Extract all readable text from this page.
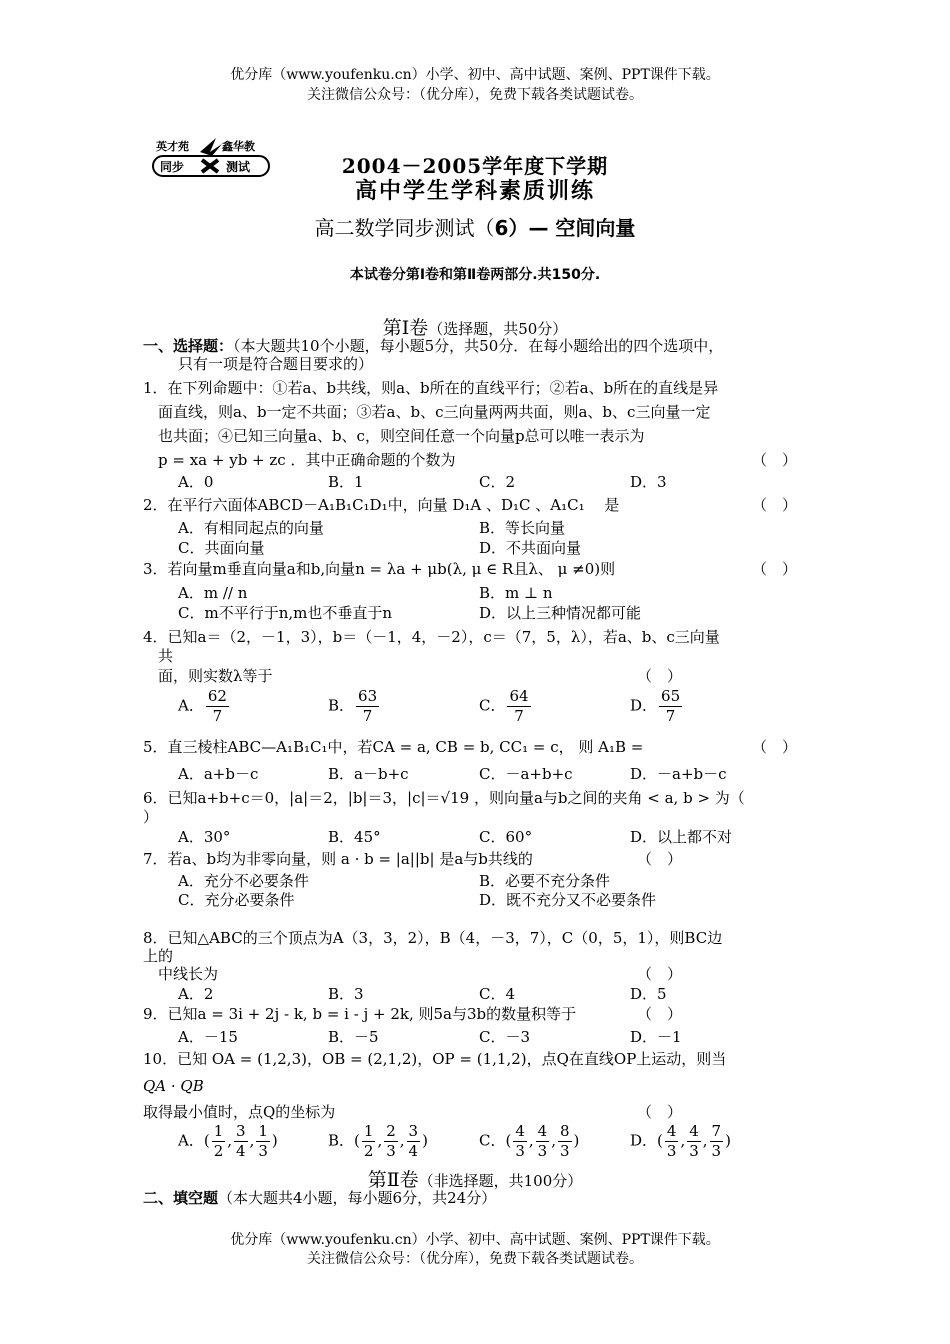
优分库（www.youfenku.cn）小学、初中、高中试题、案例、PPT课件下载。
关注微信公众号：（优分库），免费下载各类试题试卷。
英才苑	鑫华教
同步	测试	2004－2005学年度下学期
高中学生学科素质训练
高二数学同步测试（6）— 空间向量
本试卷分第Ⅰ卷和第Ⅱ卷两部分.共150分.
第Ⅰ卷（选择题，共50分）
一、选择题：（本大题共10个小题，每小题5分，共50分．在每小题给出的四个选项中，
只有一项是符合题目要求的）
1．在下列命题中：①若a、b共线，则a、b所在的直线平行；②若a、b所在的直线是异
面直线，则a、b一定不共面；③若a、b、c三向量两两共面，则a、b、c三向量一定
也共面；④已知三向量a、b、c，则空间任意一个向量p总可以唯一表示为
p = xa + yb + zc ．其中正确命题的个数为	（　）
A．0	B．1	C．2	D．3
2．在平行六面体ABCD－A₁B₁C₁D₁中，向量 D₁A 、D₁C 、A₁C₁ 　是	（　）
A．有相同起点的向量	B．等长向量
C．共面向量	D．不共面向量
3．若向量m垂直向量a和b,向量n = λa + μb(λ, μ ∈ R且λ、 μ ≠0)则	（　）
A．m // n	B．m ⊥ n
C．m不平行于n,m也不垂直于n	D．以上三种情况都可能
4．已知a＝（2，－1，3），b＝（－1，4，－2），c＝（7，5，λ），若a、b、c三向量
共
面，则实数λ等于	（　）
A． $\frac{62}{7}$	B． $\frac{63}{7}$	C． $\frac{64}{7}$	D． $\frac{65}{7}$
5．直三棱柱ABC—A₁B₁C₁中，若CA = a, CB = b, CC₁ = c， 则 A₁B =	（　）
A．a+b－c	B．a－b+c	C．－a+b+c	D．－a+b－c
6．已知a+b+c＝0，|a|＝2，|b|＝3，|c|＝√19 ，则向量a与b之间的夹角 < a, b > 为（
）
A．30°	B．45°	C．60°	D．以上都不对
7．若a、b均为非零向量，则 a · b = |a||b| 是a与b共线的	（　）
A．充分不必要条件	B．必要不充分条件
C．充分必要条件	D．既不充分又不必要条件
8．已知△ABC的三个顶点为A（3，3，2），B（4，－3，7），C（0，5，1），则BC边
上的
中线长为	（　）
A．2	B．3	C．4	D．5
9．已知a = 3i + 2j - k, b = i - j + 2k, 则5a与3b的数量积等于	（　）
A．－15	B．－5	C．－3	D．－1
10．已知 OA = (1,2,3)，OB = (2,1,2)，OP = (1,1,2)，点Q在直线OP上运动，则当
QA · QB
取得最小值时，点Q的坐标为	（　）
A．( $\frac{1}{2}$ , $\frac{3}{4}$ , $\frac{1}{3}$ )	B．( $\frac{1}{2}$ , $\frac{2}{3}$ , $\frac{3}{4}$ )	C．( $\frac{4}{3}$ , $\frac{4}{3}$ , $\frac{8}{3}$ )	D．( $\frac{4}{3}$ , $\frac{4}{3}$ , $\frac{7}{3}$ )
第Ⅱ卷（非选择题，共100分）
二、填空题（本大题共4小题，每小题6分，共24分）
优分库（www.youfenku.cn）小学、初中、高中试题、案例、PPT课件下载。
关注微信公众号：（优分库），免费下载各类试题试卷。
